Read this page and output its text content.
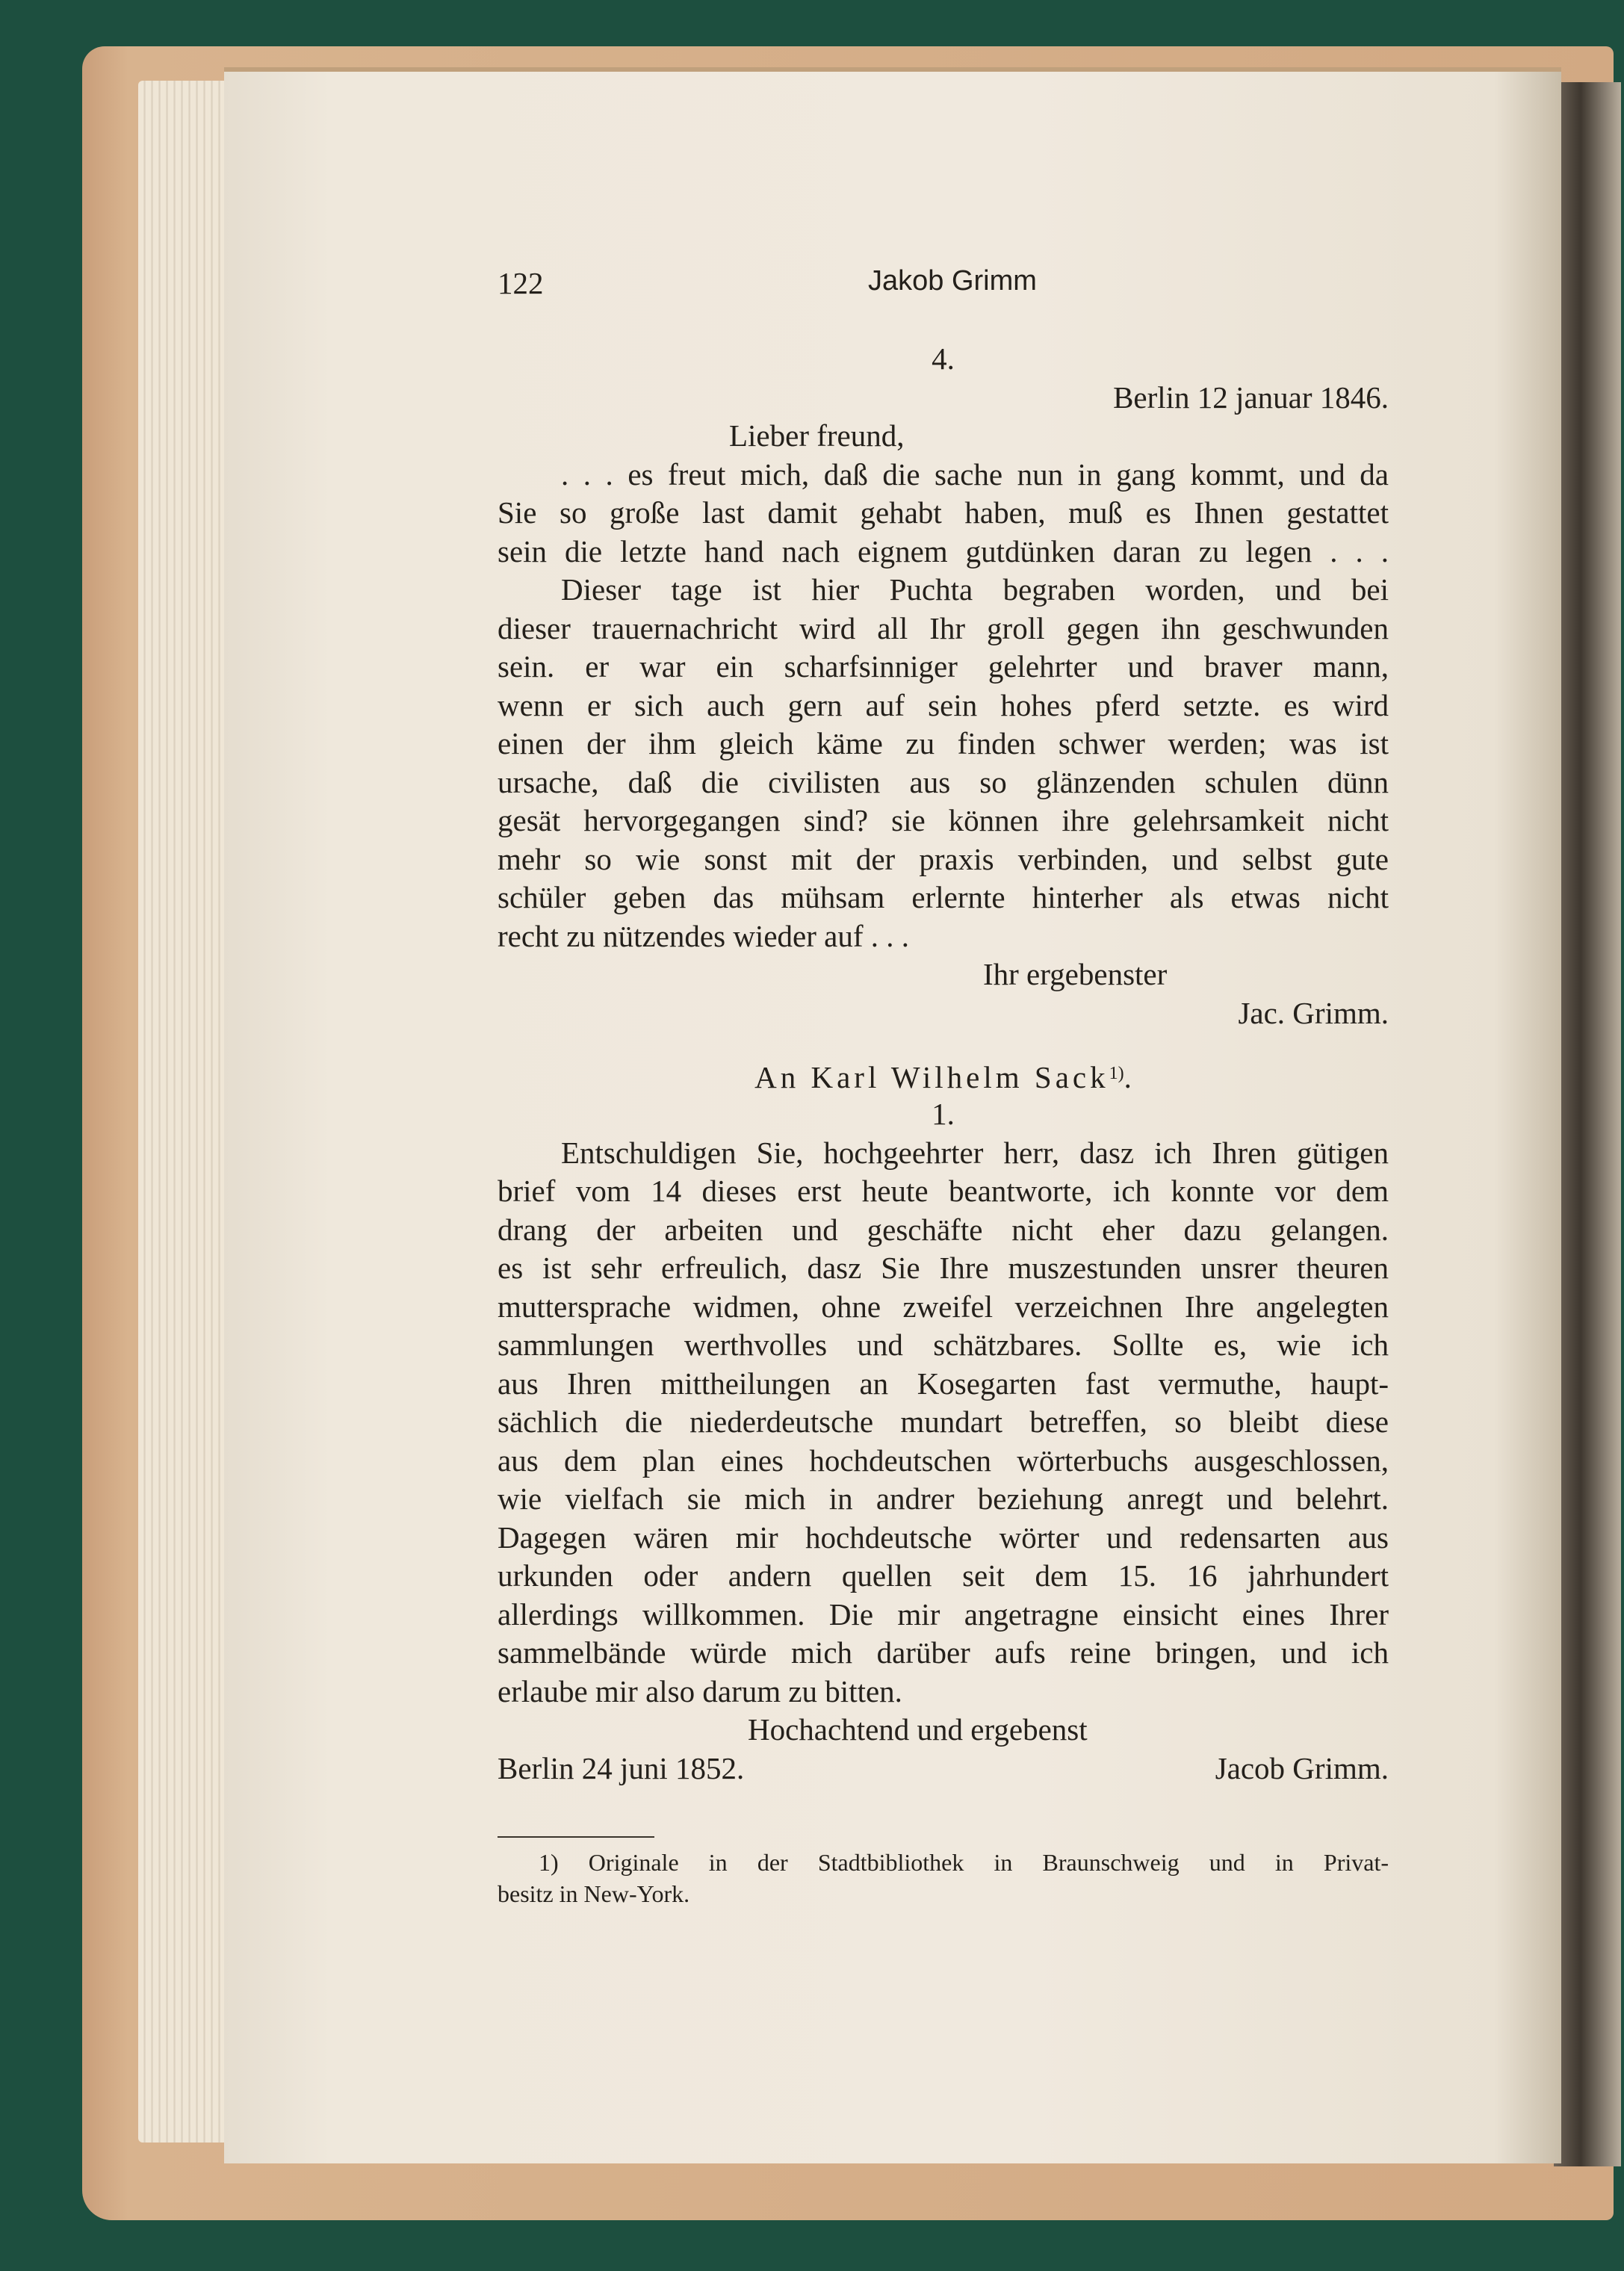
122	Jakob Grimm
4.
Berlin 12 januar 1846.
Lieber freund,
. . . es freut mich, daß die sache nun in gang kommt, und da
Sie so große last damit gehabt haben, muß es Ihnen gestattet
sein die letzte hand nach eignem gutdünken daran zu legen . . .
Dieser tage ist hier Puchta begraben worden, und bei
dieser trauernachricht wird all Ihr groll gegen ihn geschwunden
sein. er war ein scharfsinniger gelehrter und braver mann,
wenn er sich auch gern auf sein hohes pferd setzte. es wird
einen der ihm gleich käme zu finden schwer werden; was ist
ursache, daß die civilisten aus so glänzenden schulen dünn
gesät hervorgegangen sind? sie können ihre gelehrsamkeit nicht
mehr so wie sonst mit der praxis verbinden, und selbst gute
schüler geben das mühsam erlernte hinterher als etwas nicht
recht zu nützendes wieder auf . . .
Ihr ergebenster
Jac. Grimm.
An Karl Wilhelm Sack$^{1)}$.
1.
Entschuldigen Sie, hochgeehrter herr, dasz ich Ihren gütigen
brief vom 14 dieses erst heute beantworte, ich konnte vor dem
drang der arbeiten und geschäfte nicht eher dazu gelangen.
es ist sehr erfreulich, dasz Sie Ihre muszestunden unsrer theuren
muttersprache widmen, ohne zweifel verzeichnen Ihre angelegten
sammlungen werthvolles und schätzbares. Sollte es, wie ich
aus Ihren mittheilungen an Kosegarten fast vermuthe, haupt-
sächlich die niederdeutsche mundart betreffen, so bleibt diese
aus dem plan eines hochdeutschen wörterbuchs ausgeschlossen,
wie vielfach sie mich in andrer beziehung anregt und belehrt.
Dagegen wären mir hochdeutsche wörter und redensarten aus
urkunden oder andern quellen seit dem 15. 16 jahrhundert
allerdings willkommen. Die mir angetragne einsicht eines Ihrer
sammelbände würde mich darüber aufs reine bringen, und ich
erlaube mir also darum zu bitten.
Hochachtend und ergebenst
Berlin 24 juni 1852.	Jacob Grimm.
1) Originale in der Stadtbibliothek in Braunschweig und in Privat-
besitz in New-York.
